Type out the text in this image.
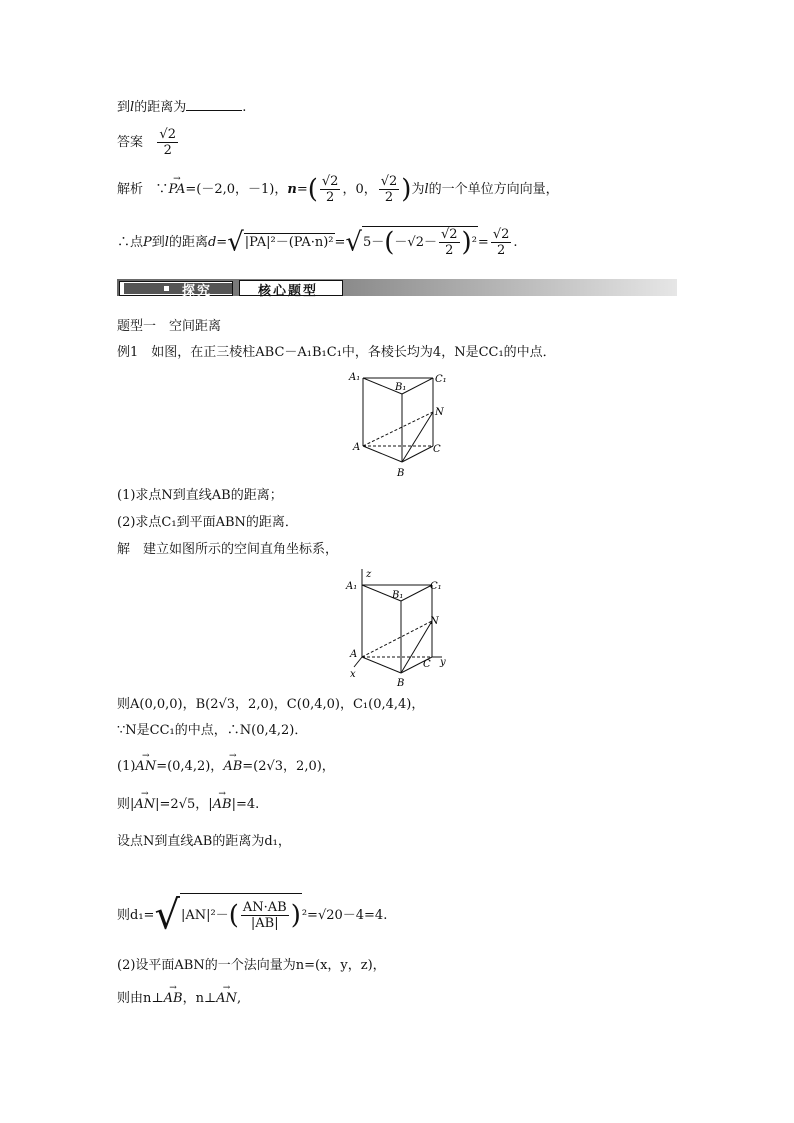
到l的距离为	.
答案 $\frac{√2}{2}$
解析 ∵→ PA=(－2,0，－1)，$n=( \frac{√2}{2}$ ，0， $\frac{√2}{2}$ )为l的一个单位方向向量，
∴点P到l的距离$d=√|PA|^2-(PA\cdot n)^2=√5-(-√2- \frac{√2}{2} )^2= \frac{√2}{2}$ .
探究	核心题型
题型一　空间距离
例1　如图，在正三棱柱ABC－A₁B₁C₁中，各棱长均为4，N是CC₁的中点．
A₁
B₁
C₁
N
A	C
B
(1)求点N到直线AB的距离；
(2)求点C₁到平面ABN的距离．
解　建立如图所示的空间直角坐标系，
z
A₁
B₁
C₁
N
A
C y
x
B
则A(0,0,0)，B(2√3，2,0)，C(0,4,0)，C₁(0,4,4)，
∵N是CC₁的中点，∴N(0,4,2)．
(1)→ AN=(0,4,2)，→ AB=(2√3，2,0)，
则|→ AN|=2√5，|→ AB|=4.
设点N到直线AB的距离为d₁，
则$d_1=√|AN|^2-( \frac{AN\cdot AB}{|AB|} )^2=√20-4=4$.
(2)设平面ABN的一个法向量为n=(x，y，z)，
则由n⊥→ AB，n⊥→ AN,
